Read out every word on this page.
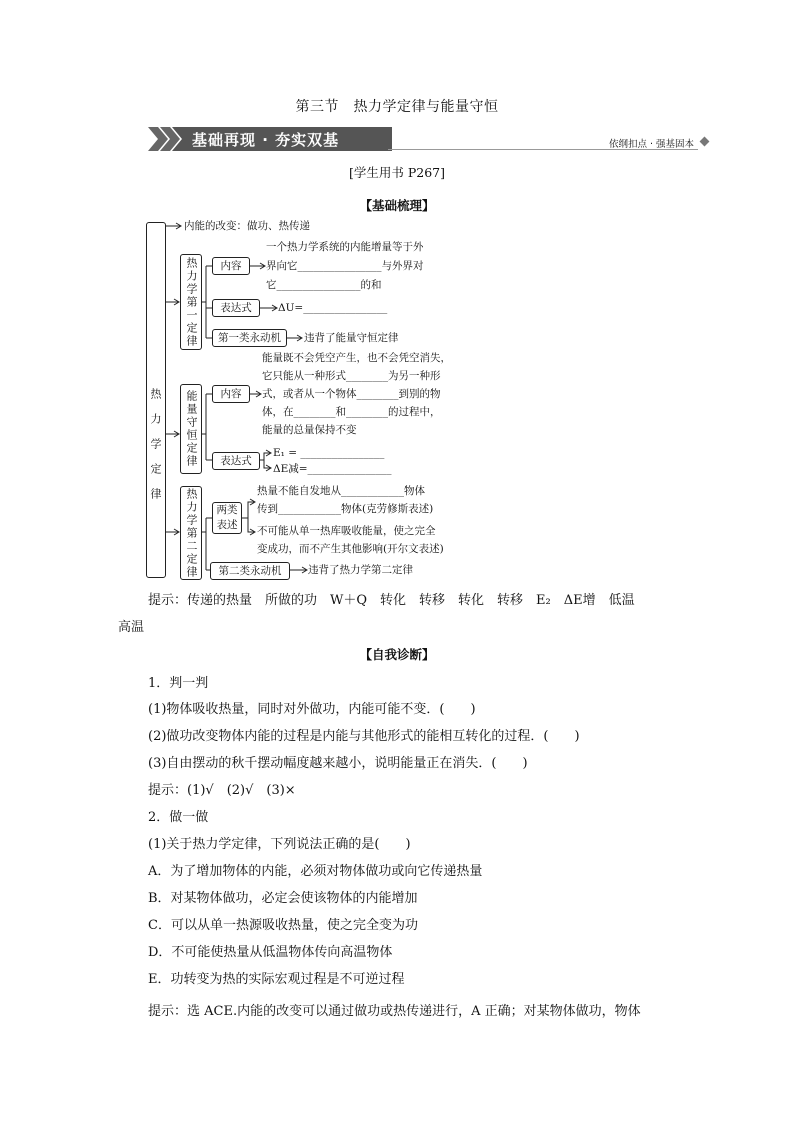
第三节　热力学定律与能量守恒
基础再现 · 夯实双基	依纲扣点 · 强基固本
[学生用书 P267]
【基础梳理】
热力学定律
内能的改变：做功、热传递
热力学第一定律	内容
一个热力学系统的内能增量等于外
界向它________________与外界对
它________________的和
表达式	ΔU=________________
第一类永动机	违背了能量守恒定律
能量守恒定律	内容
能量既不会凭空产生，也不会凭空消失，
它只能从一种形式________为另一种形
式，或者从一个物体________到别的物
体，在________和________的过程中，
能量的总量保持不变
表达式
E₁ = ________________
ΔE减=________________
热力学第二定律	两类表述
热量不能自发地从____________物体
传到____________物体(克劳修斯表述)
不可能从单一热库吸收能量，使之完全
变成功，而不产生其他影响(开尔文表述)
第二类永动机	违背了热力学第二定律
提示：传递的热量　所做的功　W＋Q　转化　转移　转化　转移　E₂　ΔE增　低温
高温
【自我诊断】
1．判一判
(1)物体吸收热量，同时对外做功，内能可能不变．(　　)
(2)做功改变物体内能的过程是内能与其他形式的能相互转化的过程．(　　)
(3)自由摆动的秋千摆动幅度越来越小，说明能量正在消失．(　　)
提示：(1)√　(2)√　(3)×
2．做一做
(1)关于热力学定律，下列说法正确的是(　　)
A．为了增加物体的内能，必须对物体做功或向它传递热量
B．对某物体做功，必定会使该物体的内能增加
C．可以从单一热源吸收热量，使之完全变为功
D．不可能使热量从低温物体传向高温物体
E．功转变为热的实际宏观过程是不可逆过程
提示：选 ACE.内能的改变可以通过做功或热传递进行，A 正确；对某物体做功，物体
